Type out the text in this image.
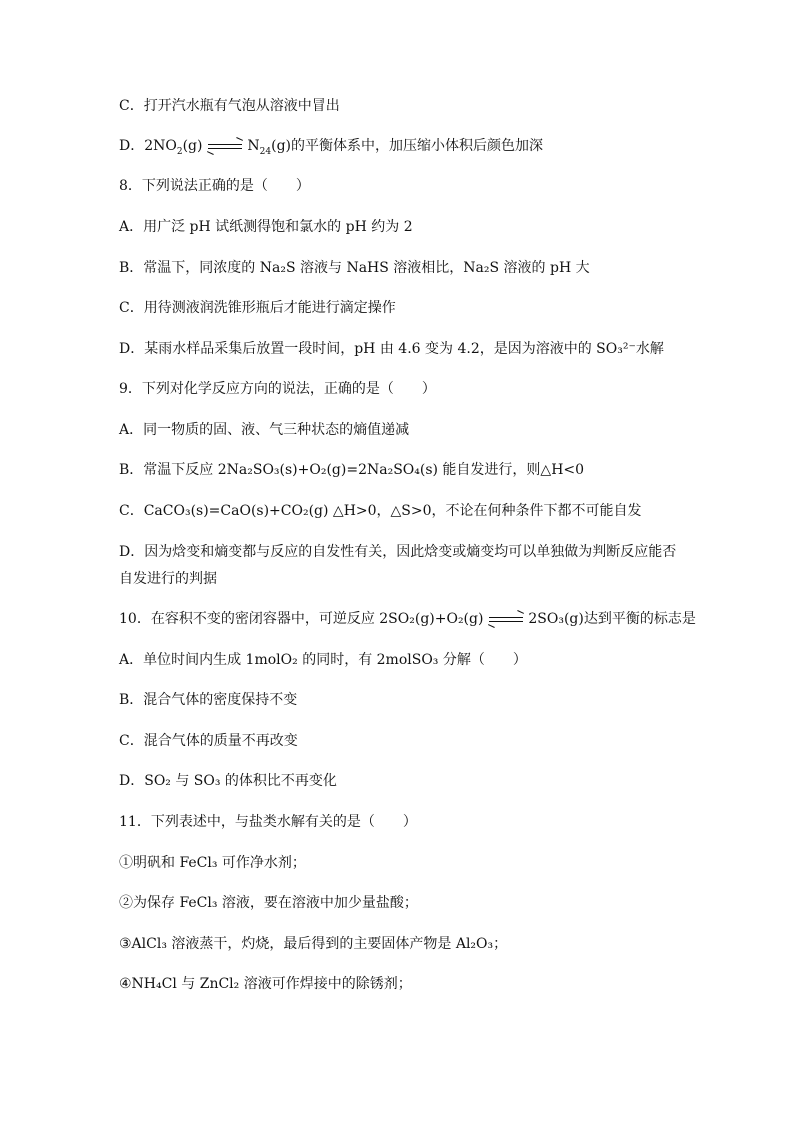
C．打开汽水瓶有气泡从溶液中冒出
D．$2NO_2(g) \to N_{24}(g)$的平衡体系中，加压缩小体积后颜色加深
8．下列说法正确的是（　　）
A．用广泛 pH 试纸测得饱和氯水的 pH 约为 2
B．常温下，同浓度的 Na₂S 溶液与 NaHS 溶液相比，Na₂S 溶液的 pH 大
C．用待测液润洗锥形瓶后才能进行滴定操作
D．某雨水样品采集后放置一段时间，pH 由 4.6 变为 4.2，是因为溶液中的 SO₃²⁻水解
9．下列对化学反应方向的说法，正确的是（　　）
A．同一物质的固、液、气三种状态的熵值递减
B．常温下反应 2Na₂SO₃(s)+O₂(g)=2Na₂SO₄(s) 能自发进行，则△H<0
C．CaCO₃(s)=CaO(s)+CO₂(g) △H>0，△S>0，不论在何种条件下都不可能自发
D．因为焓变和熵变都与反应的自发性有关，因此焓变或熵变均可以单独做为判断反应能否自发进行的判据
10．在容积不变的密闭容器中，可逆反应 2SO₂(g)+O₂(g) → 2SO₃(g)达到平衡的标志是
A．单位时间内生成 1molO₂ 的同时，有 2molSO₃ 分解（　　）
B．混合气体的密度保持不变
C．混合气体的质量不再改变
D．SO₂ 与 SO₃ 的体积比不再变化
11．下列表述中，与盐类水解有关的是（　　）
①明矾和 FeCl₃ 可作净水剂；
②为保存 FeCl₃ 溶液，要在溶液中加少量盐酸；
③AlCl₃ 溶液蒸干，灼烧，最后得到的主要固体产物是 Al₂O₃；
④NH₄Cl 与 ZnCl₂ 溶液可作焊接中的除锈剂；
